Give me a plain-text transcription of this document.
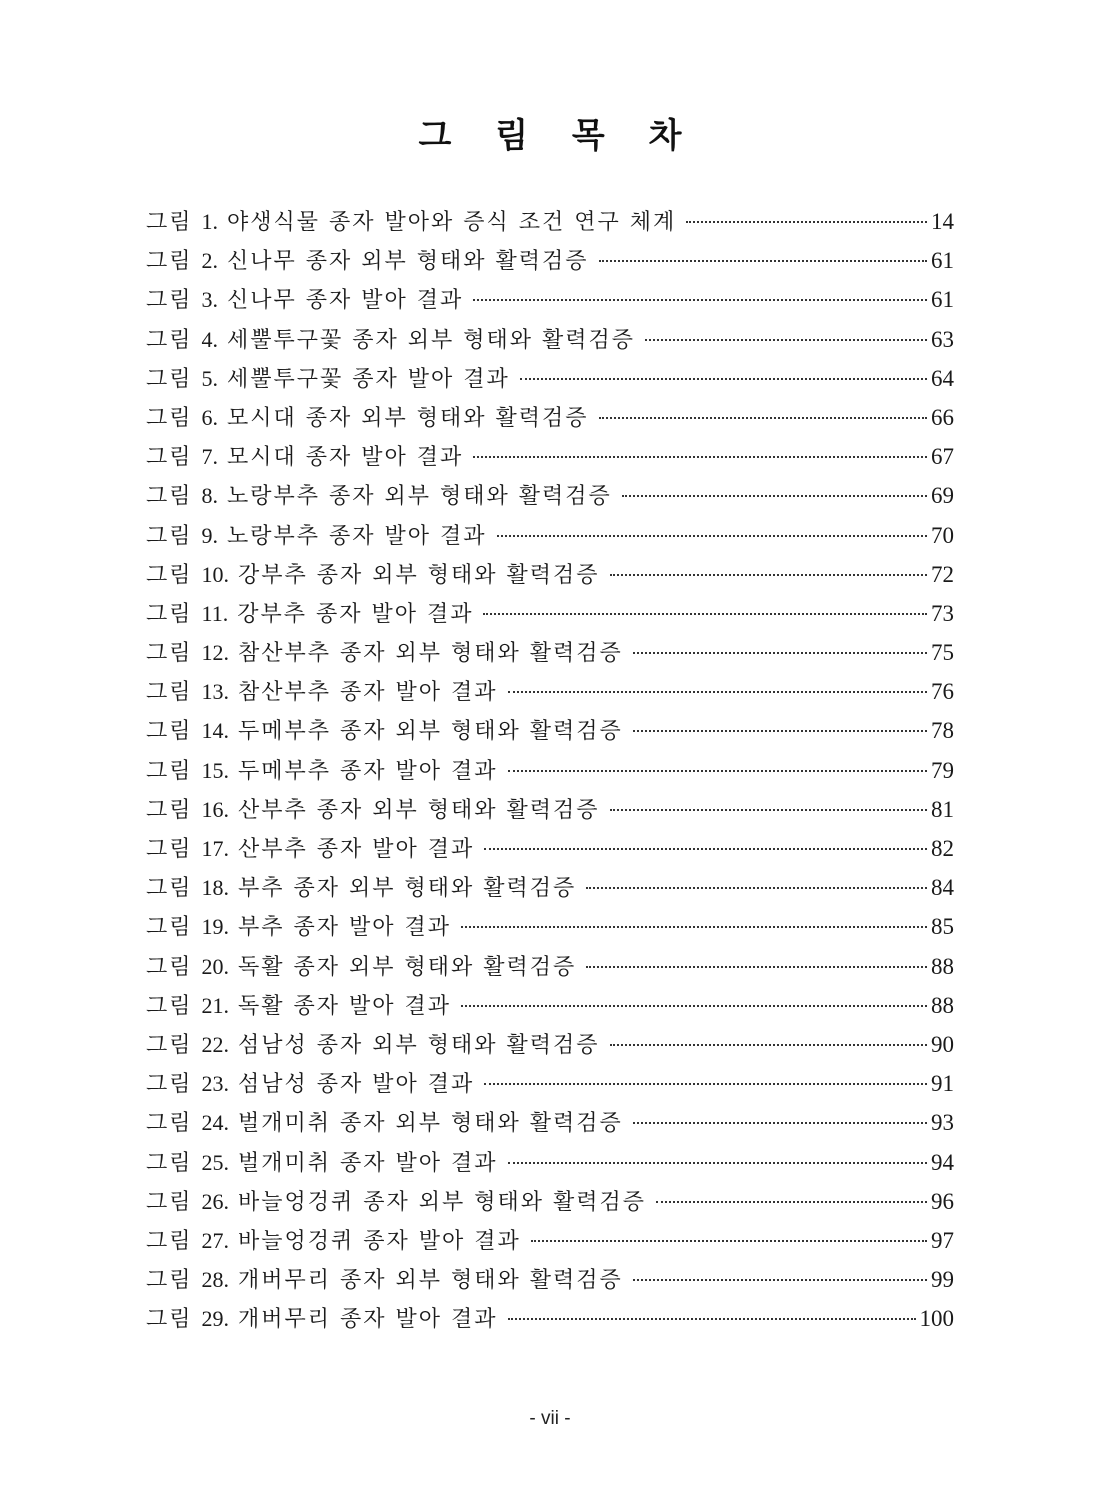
그 림 목 차
그림 1. 야생식물 종자 발아와 증식 조건 연구 체계	14
그림 2. 신나무 종자 외부 형태와 활력검증	61
그림 3. 신나무 종자 발아 결과	61
그림 4. 세뿔투구꽃 종자 외부 형태와 활력검증	63
그림 5. 세뿔투구꽃 종자 발아 결과	64
그림 6. 모시대 종자 외부 형태와 활력검증	66
그림 7. 모시대 종자 발아 결과	67
그림 8. 노랑부추 종자 외부 형태와 활력검증	69
그림 9. 노랑부추 종자 발아 결과	70
그림 10. 강부추 종자 외부 형태와 활력검증	72
그림 11. 강부추 종자 발아 결과	73
그림 12. 참산부추 종자 외부 형태와 활력검증	75
그림 13. 참산부추 종자 발아 결과	76
그림 14. 두메부추 종자 외부 형태와 활력검증	78
그림 15. 두메부추 종자 발아 결과	79
그림 16. 산부추 종자 외부 형태와 활력검증	81
그림 17. 산부추 종자 발아 결과	82
그림 18. 부추 종자 외부 형태와 활력검증	84
그림 19. 부추 종자 발아 결과	85
그림 20. 독활 종자 외부 형태와 활력검증	88
그림 21. 독활 종자 발아 결과	88
그림 22. 섬남성 종자 외부 형태와 활력검증	90
그림 23. 섬남성 종자 발아 결과	91
그림 24. 벌개미취 종자 외부 형태와 활력검증	93
그림 25. 벌개미취 종자 발아 결과	94
그림 26. 바늘엉겅퀴 종자 외부 형태와 활력검증	96
그림 27. 바늘엉겅퀴 종자 발아 결과	97
그림 28. 개버무리 종자 외부 형태와 활력검증	99
그림 29. 개버무리 종자 발아 결과	100
- vii -
